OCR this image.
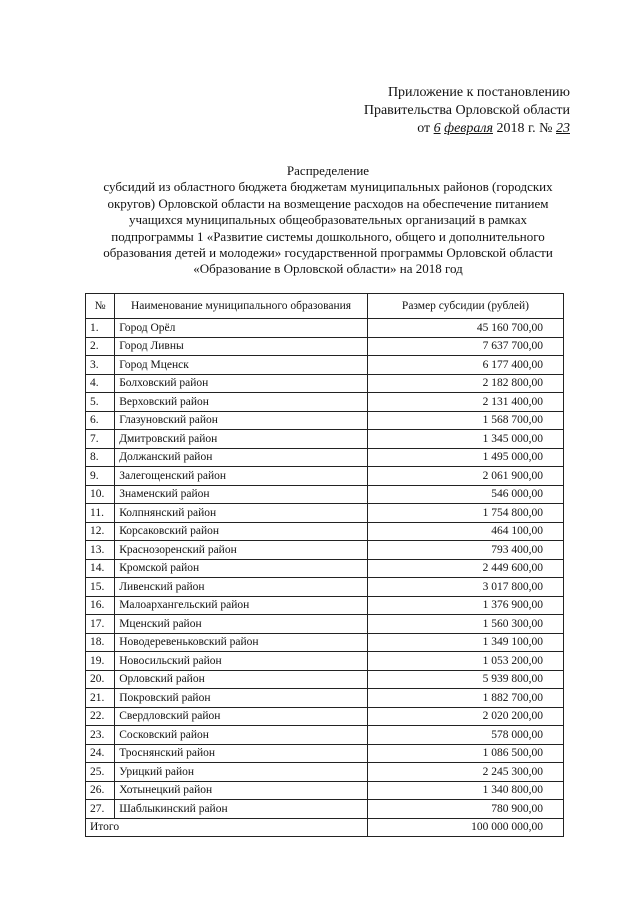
Приложение к постановлению
Правительства Орловской области
от 6 февраля 2018 г. № 23
Распределение
субсидий из областного бюджета бюджетам муниципальных районов (городских
округов) Орловской области на возмещение расходов на обеспечение питанием
учащихся муниципальных общеобразовательных организаций в рамках
подпрограммы 1 «Развитие системы дошкольного, общего и дополнительного
образования детей и молодежи» государственной программы Орловской области
«Образование в Орловской области» на 2018 год
№	Наименование муниципального образования	Размер субсидии (рублей)
1.	Город Орёл	45 160 700,00
2.	Город Ливны	7 637 700,00
3.	Город Мценск	6 177 400,00
4.	Болховский район	2 182 800,00
5.	Верховский район	2 131 400,00
6.	Глазуновский район	1 568 700,00
7.	Дмитровский район	1 345 000,00
8.	Должанский район	1 495 000,00
9.	Залегощенский район	2 061 900,00
10.	Знаменский район	546 000,00
11.	Колпнянский район	1 754 800,00
12.	Корсаковский район	464 100,00
13.	Краснозоренский район	793 400,00
14.	Кромской район	2 449 600,00
15.	Ливенский район	3 017 800,00
16.	Малоархангельский район	1 376 900,00
17.	Мценский район	1 560 300,00
18.	Новодеревеньковский район	1 349 100,00
19.	Новосильский район	1 053 200,00
20.	Орловский район	5 939 800,00
21.	Покровский район	1 882 700,00
22.	Свердловский район	2 020 200,00
23.	Сосковский район	578 000,00
24.	Троснянский район	1 086 500,00
25.	Урицкий район	2 245 300,00
26.	Хотынецкий район	1 340 800,00
27.	Шаблыкинский район	780 900,00
Итого		100 000 000,00
